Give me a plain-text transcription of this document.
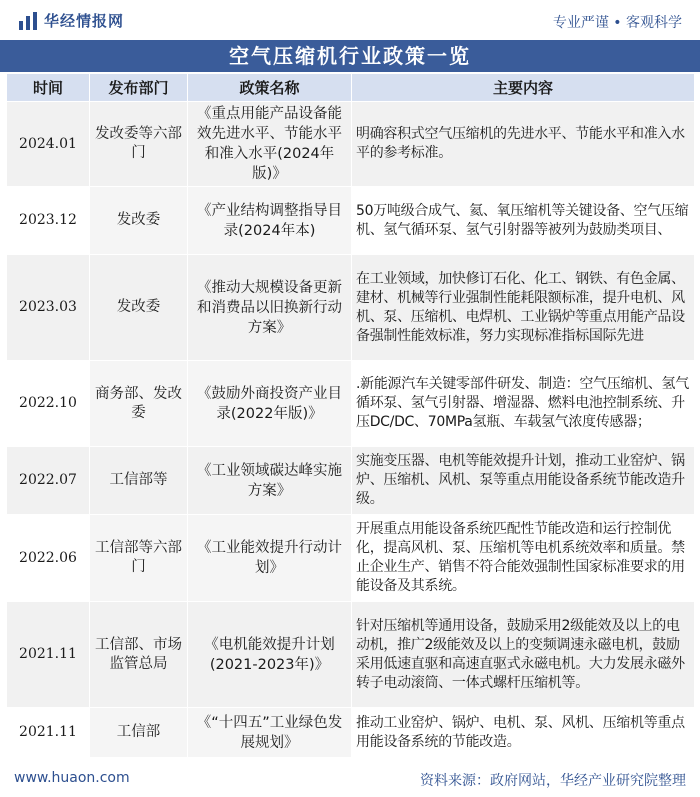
华经情报网	专业严谨 • 客观科学
空气压缩机行业政策一览
时间	发布部门	政策名称	主要内容
2024.01	发改委等六部门	《重点用能产品设备能效先进水平、节能水平和准入水平(2024年版)》	明确容积式空气压缩机的先进水平、节能水平和准入水平的参考标准。
2023.12	发改委	《产业结构调整指导目录(2024年本)	50万吨级合成气、氦、氧压缩机等关键设备、空气压缩机、氢气循环泵、氢气引射器等被列为鼓励类项目、
2023.03	发改委	《推动大规模设备更新和消费品以旧换新行动方案》	在工业领域，加快修订石化、化工、钢铁、有色金属、建材、机械等行业强制性能耗限额标准，提升电机、风机、泵、压缩机、电焊机、工业锅炉等重点用能产品设备强制性能效标准，努力实现标准指标国际先进
2022.10	商务部、发改委	《鼓励外商投资产业目录(2022年版)》	.新能源汽车关键零部件研发、制造：空气压缩机、氢气循环泵、氢气引射器、增湿器、燃料电池控制系统、升压DC/DC、70MPa氢瓶、车载氢气浓度传感器；
2022.07	工信部等	《工业领域碳达峰实施方案》	实施变压器、电机等能效提升计划，推动工业窑炉、锅炉、压缩机、风机、泵等重点用能设备系统节能改造升级。
2022.06	工信部等六部门	《工业能效提升行动计划》	开展重点用能设备系统匹配性节能改造和运行控制优化，提高风机、泵、压缩机等电机系统效率和质量。禁止企业生产、销售不符合能效强制性国家标准要求的用能设备及其系统。
2021.11	工信部、市场监管总局	《电机能效提升计划(2021-2023年)》	针对压缩机等通用设备，鼓励采用2级能效及以上的电动机，推广2级能效及以上的变频调速永磁电机，鼓励采用低速直驱和高速直驱式永磁电机。大力发展永磁外转子电动滚筒、一体式螺杆压缩机等。
2021.11	工信部	《“十四五”工业绿色发展规划》	推动工业窑炉、锅炉、电机、泵、风机、压缩机等重点用能设备系统的节能改造。
www.huaon.com	资料来源：政府网站，华经产业研究院整理
